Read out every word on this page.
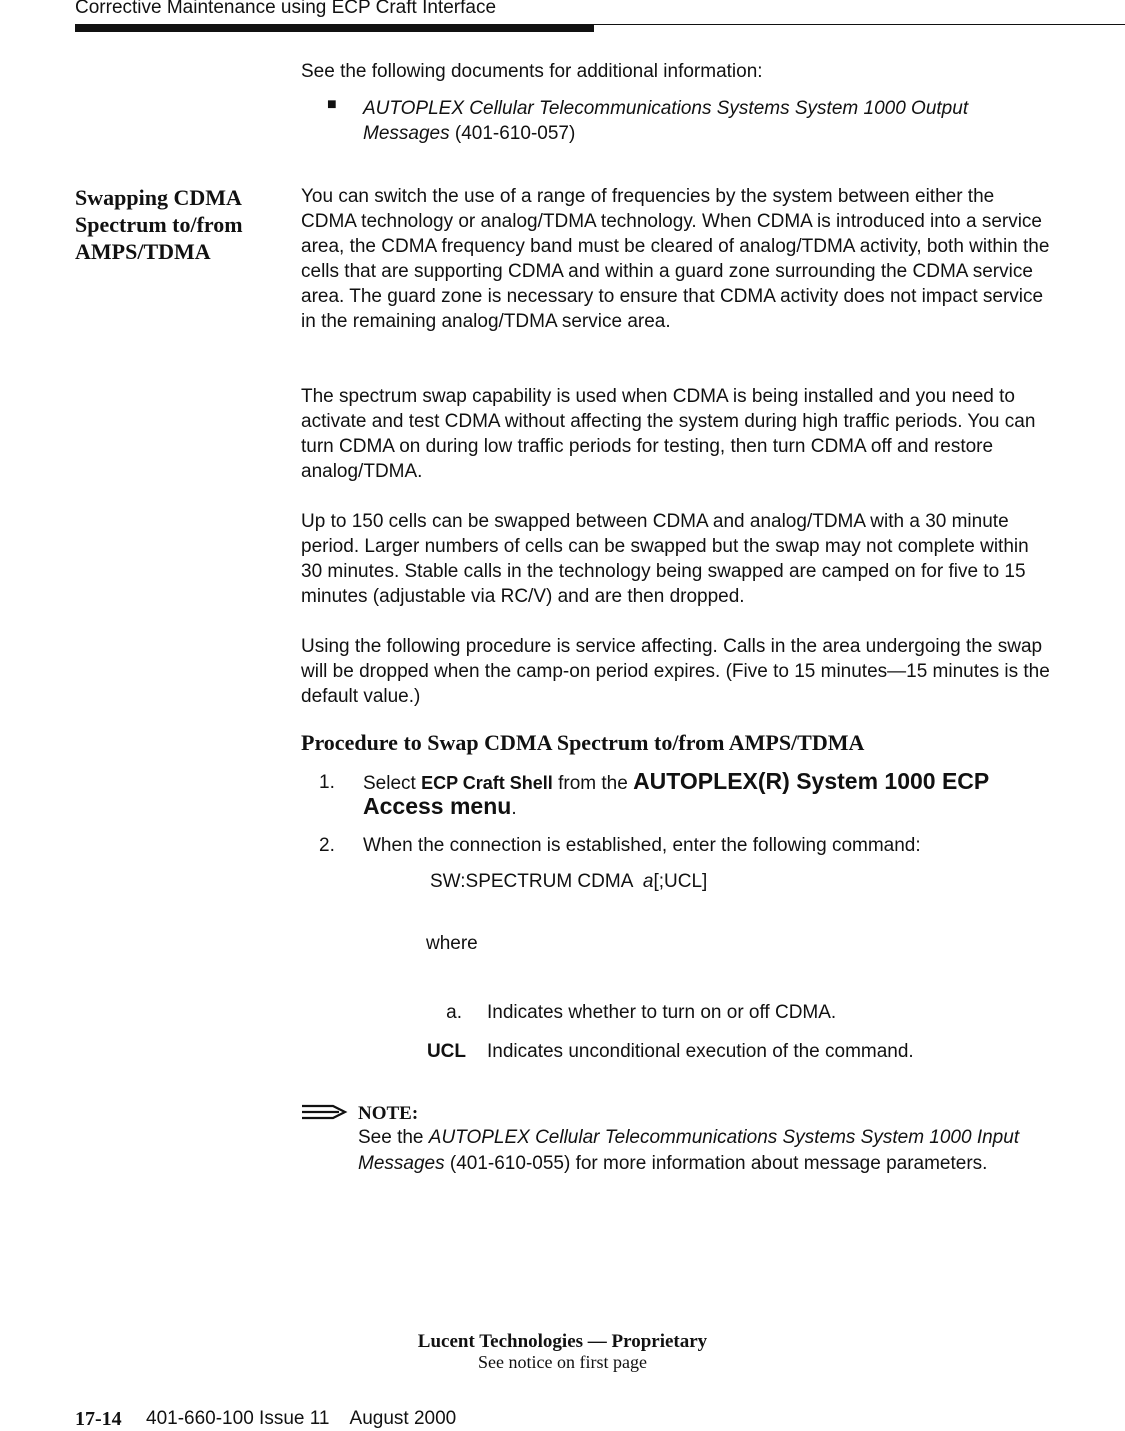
Corrective Maintenance using ECP Craft Interface
See the following documents for additional information:
■ AUTOPLEX Cellular Telecommunications Systems System 1000 Output Messages (401-610-057)
Swapping CDMA Spectrum to/from AMPS/TDMA
You can switch the use of a range of frequencies by the system between either the CDMA technology or analog/TDMA technology. When CDMA is introduced into a service area, the CDMA frequency band must be cleared of analog/TDMA activity, both within the cells that are supporting CDMA and within a guard zone surrounding the CDMA service area. The guard zone is necessary to ensure that CDMA activity does not impact service in the remaining analog/TDMA service area.
The spectrum swap capability is used when CDMA is being installed and you need to activate and test CDMA without affecting the system during high traffic periods. You can turn CDMA on during low traffic periods for testing, then turn CDMA off and restore analog/TDMA.
Up to 150 cells can be swapped between CDMA and analog/TDMA with a 30 minute period. Larger numbers of cells can be swapped but the swap may not complete within 30 minutes. Stable calls in the technology being swapped are camped on for five to 15 minutes (adjustable via RC/V) and are then dropped.
Using the following procedure is service affecting. Calls in the area undergoing the swap will be dropped when the camp-on period expires. (Five to 15 minutes—15 minutes is the default value.)
Procedure to Swap CDMA Spectrum to/from AMPS/TDMA
1. Select ECP Craft Shell from the AUTOPLEX(R) System 1000 ECP Access menu.
2. When the connection is established, enter the following command:
SW:SPECTRUM CDMA  a[;UCL]
where
a. Indicates whether to turn on or off CDMA.
UCL Indicates unconditional execution of the command.
NOTE:
See the AUTOPLEX Cellular Telecommunications Systems System 1000 Input Messages (401-610-055) for more information about message parameters.
Lucent Technologies — Proprietary
See notice on first page
17-14 401-660-100 Issue 11    August 2000
